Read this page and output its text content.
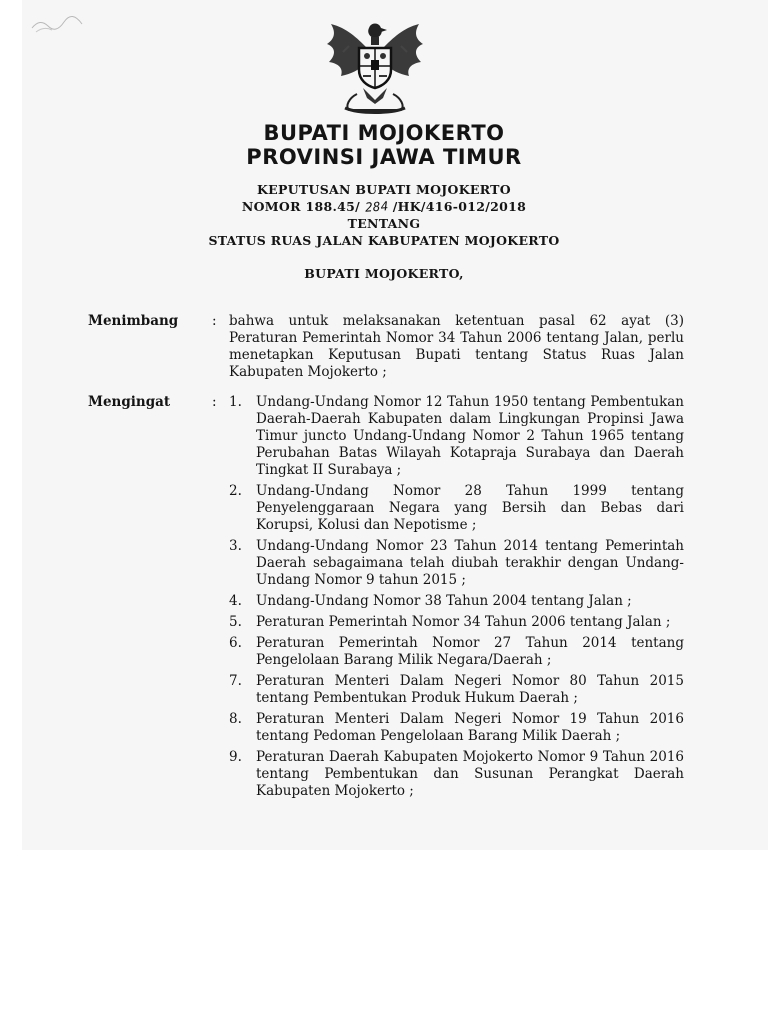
BUPATI MOJOKERTO
PROVINSI JAWA TIMUR
KEPUTUSAN BUPATI MOJOKERTO
NOMOR 188.45/ 284 /HK/416-012/2018
TENTANG
STATUS RUAS JALAN KABUPATEN MOJOKERTO
BUPATI MOJOKERTO,
Menimbang	: bahwa untuk melaksanakan ketentuan pasal 62 ayat (3) Peraturan Pemerintah Nomor 34 Tahun 2006 tentang Jalan, perlu menetapkan Keputusan Bupati tentang Status Ruas Jalan Kabupaten Mojokerto ;
Mengingat	: 1. Undang-Undang Nomor 12 Tahun 1950 tentang Pembentukan Daerah-Daerah Kabupaten dalam Lingkungan Propinsi Jawa Timur juncto Undang-Undang Nomor 2 Tahun 1965 tentang Perubahan Batas Wilayah Kotapraja Surabaya dan Daerah Tingkat II Surabaya ;
2. Undang-Undang Nomor 28 Tahun 1999 tentang Penyelenggaraan Negara yang Bersih dan Bebas dari Korupsi, Kolusi dan Nepotisme ;
3. Undang-Undang Nomor 23 Tahun 2014 tentang Pemerintah Daerah sebagaimana telah diubah terakhir dengan Undang-Undang Nomor 9 tahun 2015 ;
4. Undang-Undang Nomor 38 Tahun 2004 tentang Jalan ;
5. Peraturan Pemerintah Nomor 34 Tahun 2006 tentang Jalan ;
6. Peraturan Pemerintah Nomor 27 Tahun 2014 tentang Pengelolaan Barang Milik Negara/Daerah ;
7. Peraturan Menteri Dalam Negeri Nomor 80 Tahun 2015 tentang Pembentukan Produk Hukum Daerah ;
8. Peraturan Menteri Dalam Negeri Nomor 19 Tahun 2016 tentang Pedoman Pengelolaan Barang Milik Daerah ;
9. Peraturan Daerah Kabupaten Mojokerto Nomor 9 Tahun 2016 tentang Pembentukan dan Susunan Perangkat Daerah Kabupaten Mojokerto ;
